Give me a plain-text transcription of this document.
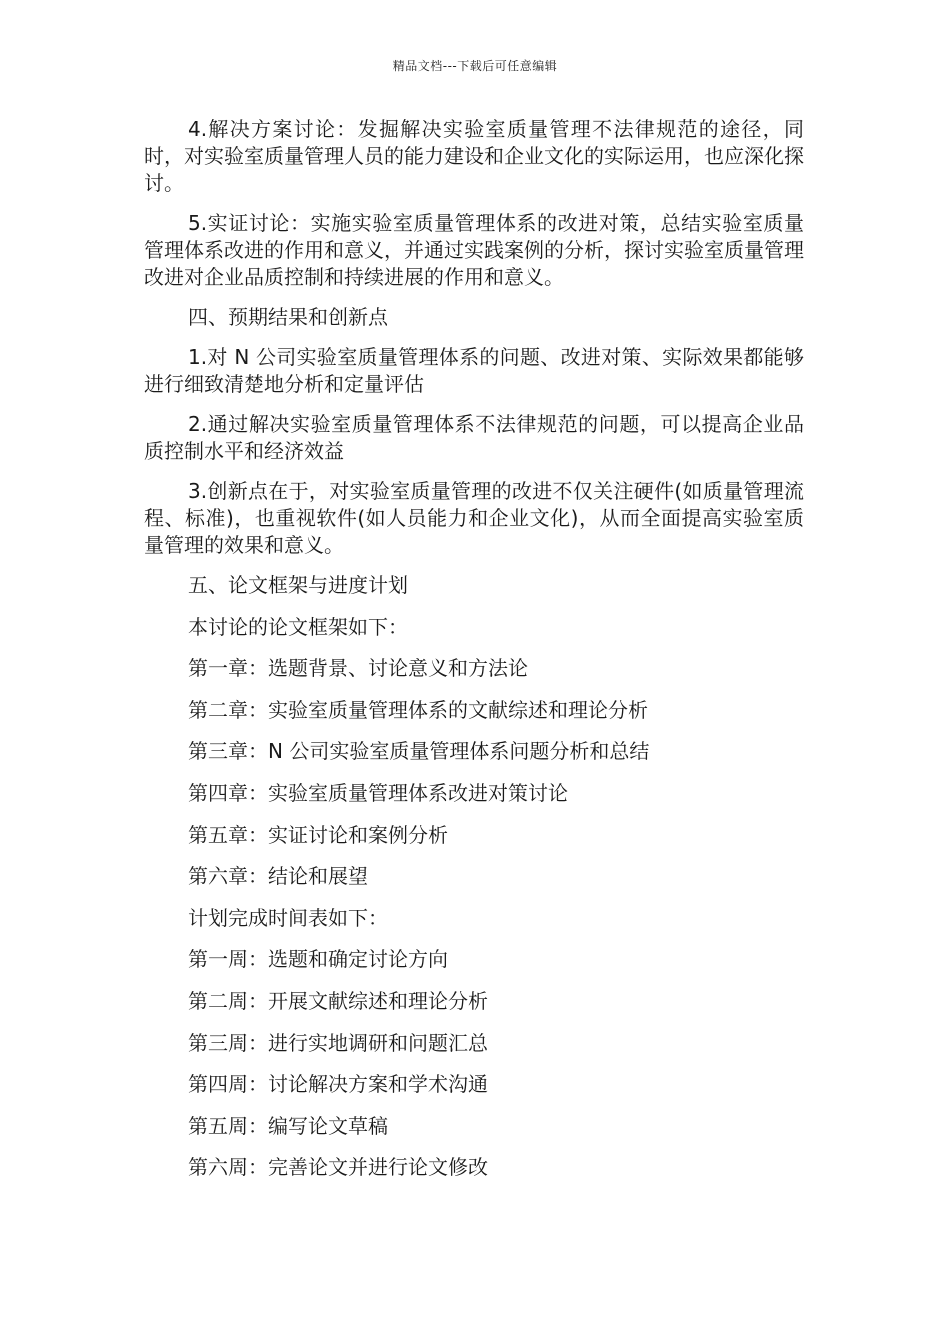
精品文档---下载后可任意编辑

4.解决方案讨论：发掘解决实验室质量管理不法律规范的途径，同时，对实验室质量管理人员的能力建设和企业文化的实际运用，也应深化探讨。

5.实证讨论：实施实验室质量管理体系的改进对策，总结实验室质量管理体系改进的作用和意义，并通过实践案例的分析，探讨实验室质量管理改进对企业品质控制和持续进展的作用和意义。

四、预期结果和创新点

1.对 N 公司实验室质量管理体系的问题、改进对策、实际效果都能够进行细致清楚地分析和定量评估

2.通过解决实验室质量管理体系不法律规范的问题，可以提高企业品质控制水平和经济效益

3.创新点在于，对实验室质量管理的改进不仅关注硬件(如质量管理流程、标准)，也重视软件(如人员能力和企业文化)，从而全面提高实验室质量管理的效果和意义。

五、论文框架与进度计划

本讨论的论文框架如下：

第一章：选题背景、讨论意义和方法论

第二章：实验室质量管理体系的文献综述和理论分析

第三章：N 公司实验室质量管理体系问题分析和总结

第四章：实验室质量管理体系改进对策讨论

第五章：实证讨论和案例分析

第六章：结论和展望

计划完成时间表如下：

第一周：选题和确定讨论方向

第二周：开展文献综述和理论分析

第三周：进行实地调研和问题汇总

第四周：讨论解决方案和学术沟通

第五周：编写论文草稿

第六周：完善论文并进行论文修改
